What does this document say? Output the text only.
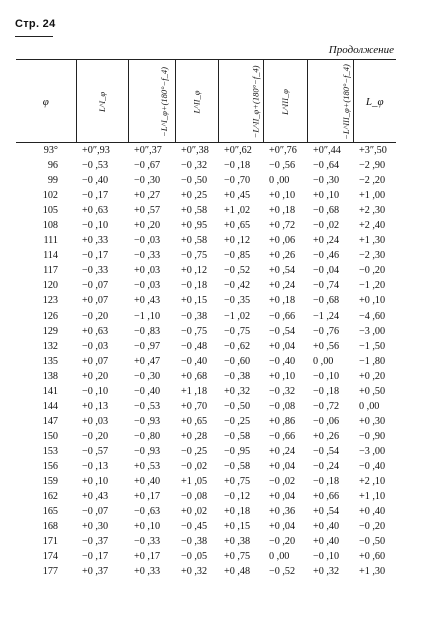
Стр. 24
Продолжение
φ	L^I_φ	−L^I_φ+(180°−f_4)	L^II_φ	−L^II_φ+(180°−f_4)	L^III_φ	−L^III_φ+(180°−f_4)	L_φ
93°	+0″,93	+0″,37	+0″,38	+0″,62	+0″,76	+0″,44	+3″,50
96	−0 ,53	−0 ,67	−0 ,32	−0 ,18	−0 ,56	−0 ,64	−2 ,90
99	−0 ,40	−0 ,30	−0 ,50	−0 ,70	0 ,00	−0 ,30	−2 ,20
102	−0 ,17	+0 ,27	+0 ,25	+0 ,45	+0 ,10	+0 ,10	+1 ,00
105	+0 ,63	+0 ,57	+0 ,58	+1 ,02	+0 ,18	−0 ,68	+2 ,30
108	−0 ,10	+0 ,20	+0 ,95	+0 ,65	+0 ,72	−0 ,02	+2 ,40
111	+0 ,33	−0 ,03	+0 ,58	+0 ,12	+0 ,06	+0 ,24	+1 ,30
114	−0 ,17	−0 ,33	−0 ,75	−0 ,85	+0 ,26	−0 ,46	−2 ,30
117	−0 ,33	+0 ,03	+0 ,12	−0 ,52	+0 ,54	−0 ,04	−0 ,20
120	−0 ,07	−0 ,03	−0 ,18	−0 ,42	+0 ,24	−0 ,74	−1 ,20
123	+0 ,07	+0 ,43	+0 ,15	−0 ,35	+0 ,18	−0 ,68	+0 ,10
126	−0 ,20	−1 ,10	−0 ,38	−1 ,02	−0 ,66	−1 ,24	−4 ,60
129	+0 ,63	−0 ,83	−0 ,75	−0 ,75	−0 ,54	−0 ,76	−3 ,00
132	−0 ,03	−0 ,97	−0 ,48	−0 ,62	+0 ,04	+0 ,56	−1 ,50
135	+0 ,07	+0 ,47	−0 ,40	−0 ,60	−0 ,40	0 ,00	−1 ,80
138	+0 ,20	−0 ,30	+0 ,68	−0 ,38	+0 ,10	−0 ,10	+0 ,20
141	−0 ,10	−0 ,40	+1 ,18	+0 ,32	−0 ,32	−0 ,18	+0 ,50
144	+0 ,13	−0 ,53	+0 ,70	−0 ,50	−0 ,08	−0 ,72	0 ,00
147	+0 ,03	−0 ,93	+0 ,65	−0 ,25	+0 ,86	−0 ,06	+0 ,30
150	−0 ,20	−0 ,80	+0 ,28	−0 ,58	−0 ,66	+0 ,26	−0 ,90
153	−0 ,57	−0 ,93	−0 ,25	−0 ,95	+0 ,24	−0 ,54	−3 ,00
156	−0 ,13	+0 ,53	−0 ,02	−0 ,58	+0 ,04	−0 ,24	−0 ,40
159	+0 ,10	+0 ,40	+1 ,05	+0 ,75	−0 ,02	−0 ,18	+2 ,10
162	+0 ,43	+0 ,17	−0 ,08	−0 ,12	+0 ,04	+0 ,66	+1 ,10
165	−0 ,07	−0 ,63	+0 ,02	+0 ,18	+0 ,36	+0 ,54	+0 ,40
168	+0 ,30	+0 ,10	−0 ,45	+0 ,15	+0 ,04	+0 ,40	−0 ,20
171	−0 ,37	−0 ,33	−0 ,38	+0 ,38	−0 ,20	+0 ,40	−0 ,50
174	−0 ,17	+0 ,17	−0 ,05	+0 ,75	0 ,00	−0 ,10	+0 ,60
177	+0 ,37	+0 ,33	+0 ,32	+0 ,48	−0 ,52	+0 ,32	+1 ,30
